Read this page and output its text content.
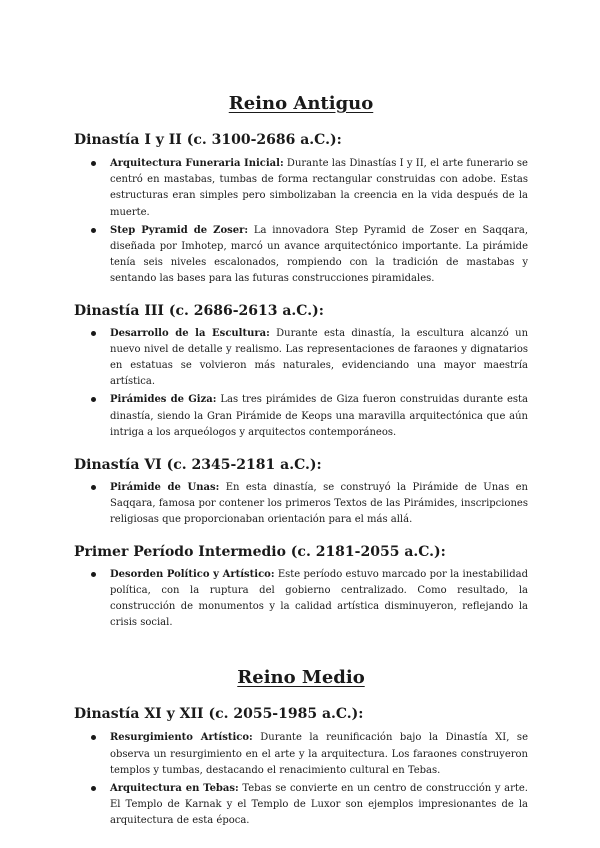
Reino Antiguo
Dinastía I y II (c. 3100-2686 a.C.):
Arquitectura Funeraria Inicial: Durante las Dinastías I y II, el arte funerario se centró en mastabas, tumbas de forma rectangular construidas con adobe. Estas estructuras eran simples pero simbolizaban la creencia en la vida después de la muerte.
Step Pyramid de Zoser: La innovadora Step Pyramid de Zoser en Saqqara, diseñada por Imhotep, marcó un avance arquitectónico importante. La pirámide tenía seis niveles escalonados, rompiendo con la tradición de mastabas y sentando las bases para las futuras construcciones piramidales.
Dinastía III (c. 2686-2613 a.C.):
Desarrollo de la Escultura: Durante esta dinastía, la escultura alcanzó un nuevo nivel de detalle y realismo. Las representaciones de faraones y dignatarios en estatuas se volvieron más naturales, evidenciando una mayor maestría artística.
Pirámides de Giza: Las tres pirámides de Giza fueron construidas durante esta dinastía, siendo la Gran Pirámide de Keops una maravilla arquitectónica que aún intriga a los arqueólogos y arquitectos contemporáneos.
Dinastía VI (c. 2345-2181 a.C.):
Pirámide de Unas: En esta dinastía, se construyó la Pirámide de Unas en Saqqara, famosa por contener los primeros Textos de las Pirámides, inscripciones religiosas que proporcionaban orientación para el más allá.
Primer Período Intermedio (c. 2181-2055 a.C.):
Desorden Político y Artístico: Este período estuvo marcado por la inestabilidad política, con la ruptura del gobierno centralizado. Como resultado, la construcción de monumentos y la calidad artística disminuyeron, reflejando la crisis social.
Reino Medio
Dinastía XI y XII (c. 2055-1985 a.C.):
Resurgimiento Artístico: Durante la reunificación bajo la Dinastía XI, se observa un resurgimiento en el arte y la arquitectura. Los faraones construyeron templos y tumbas, destacando el renacimiento cultural en Tebas.
Arquitectura en Tebas: Tebas se convierte en un centro de construcción y arte. El Templo de Karnak y el Templo de Luxor son ejemplos impresionantes de la arquitectura de esta época.
